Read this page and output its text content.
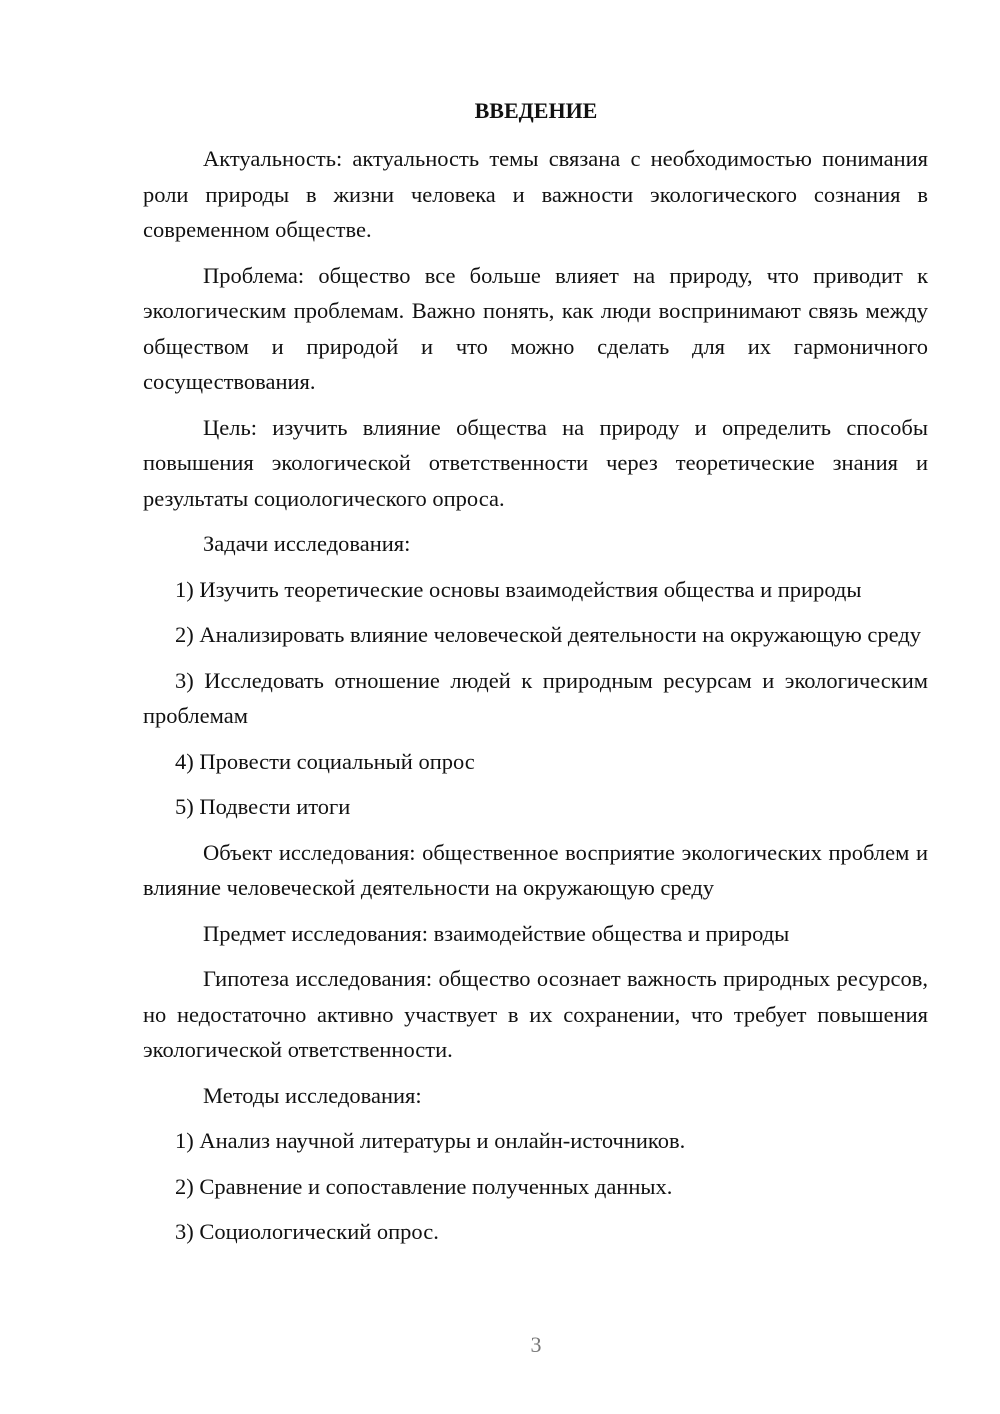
ВВЕДЕНИЕ

Актуальность: актуальность темы связана с необходимостью понимания роли природы в жизни человека и важности экологического сознания в современном обществе.

Проблема: общество все больше влияет на природу, что приводит к экологическим проблемам. Важно понять, как люди воспринимают связь между обществом и природой и что можно сделать для их гармоничного сосуществования.

Цель: изучить влияние общества на природу и определить способы повышения экологической ответственности через теоретические знания и результаты социологического опроса.

Задачи исследования:

1) Изучить теоретические основы взаимодействия общества и природы

2) Анализировать влияние человеческой деятельности на окружающую среду

3) Исследовать отношение людей к природным ресурсам и экологическим проблемам

4) Провести социальный опрос

5) Подвести итоги

Объект исследования: общественное восприятие экологических проблем и влияние человеческой деятельности на окружающую среду

Предмет исследования: взаимодействие общества и природы

Гипотеза исследования: общество осознает важность природных ресурсов, но недостаточно активно участвует в их сохранении, что требует повышения экологической ответственности.

Методы исследования:

1) Анализ научной литературы и онлайн-источников.

2) Сравнение и сопоставление полученных данных.

3) Социологический опрос.

3
